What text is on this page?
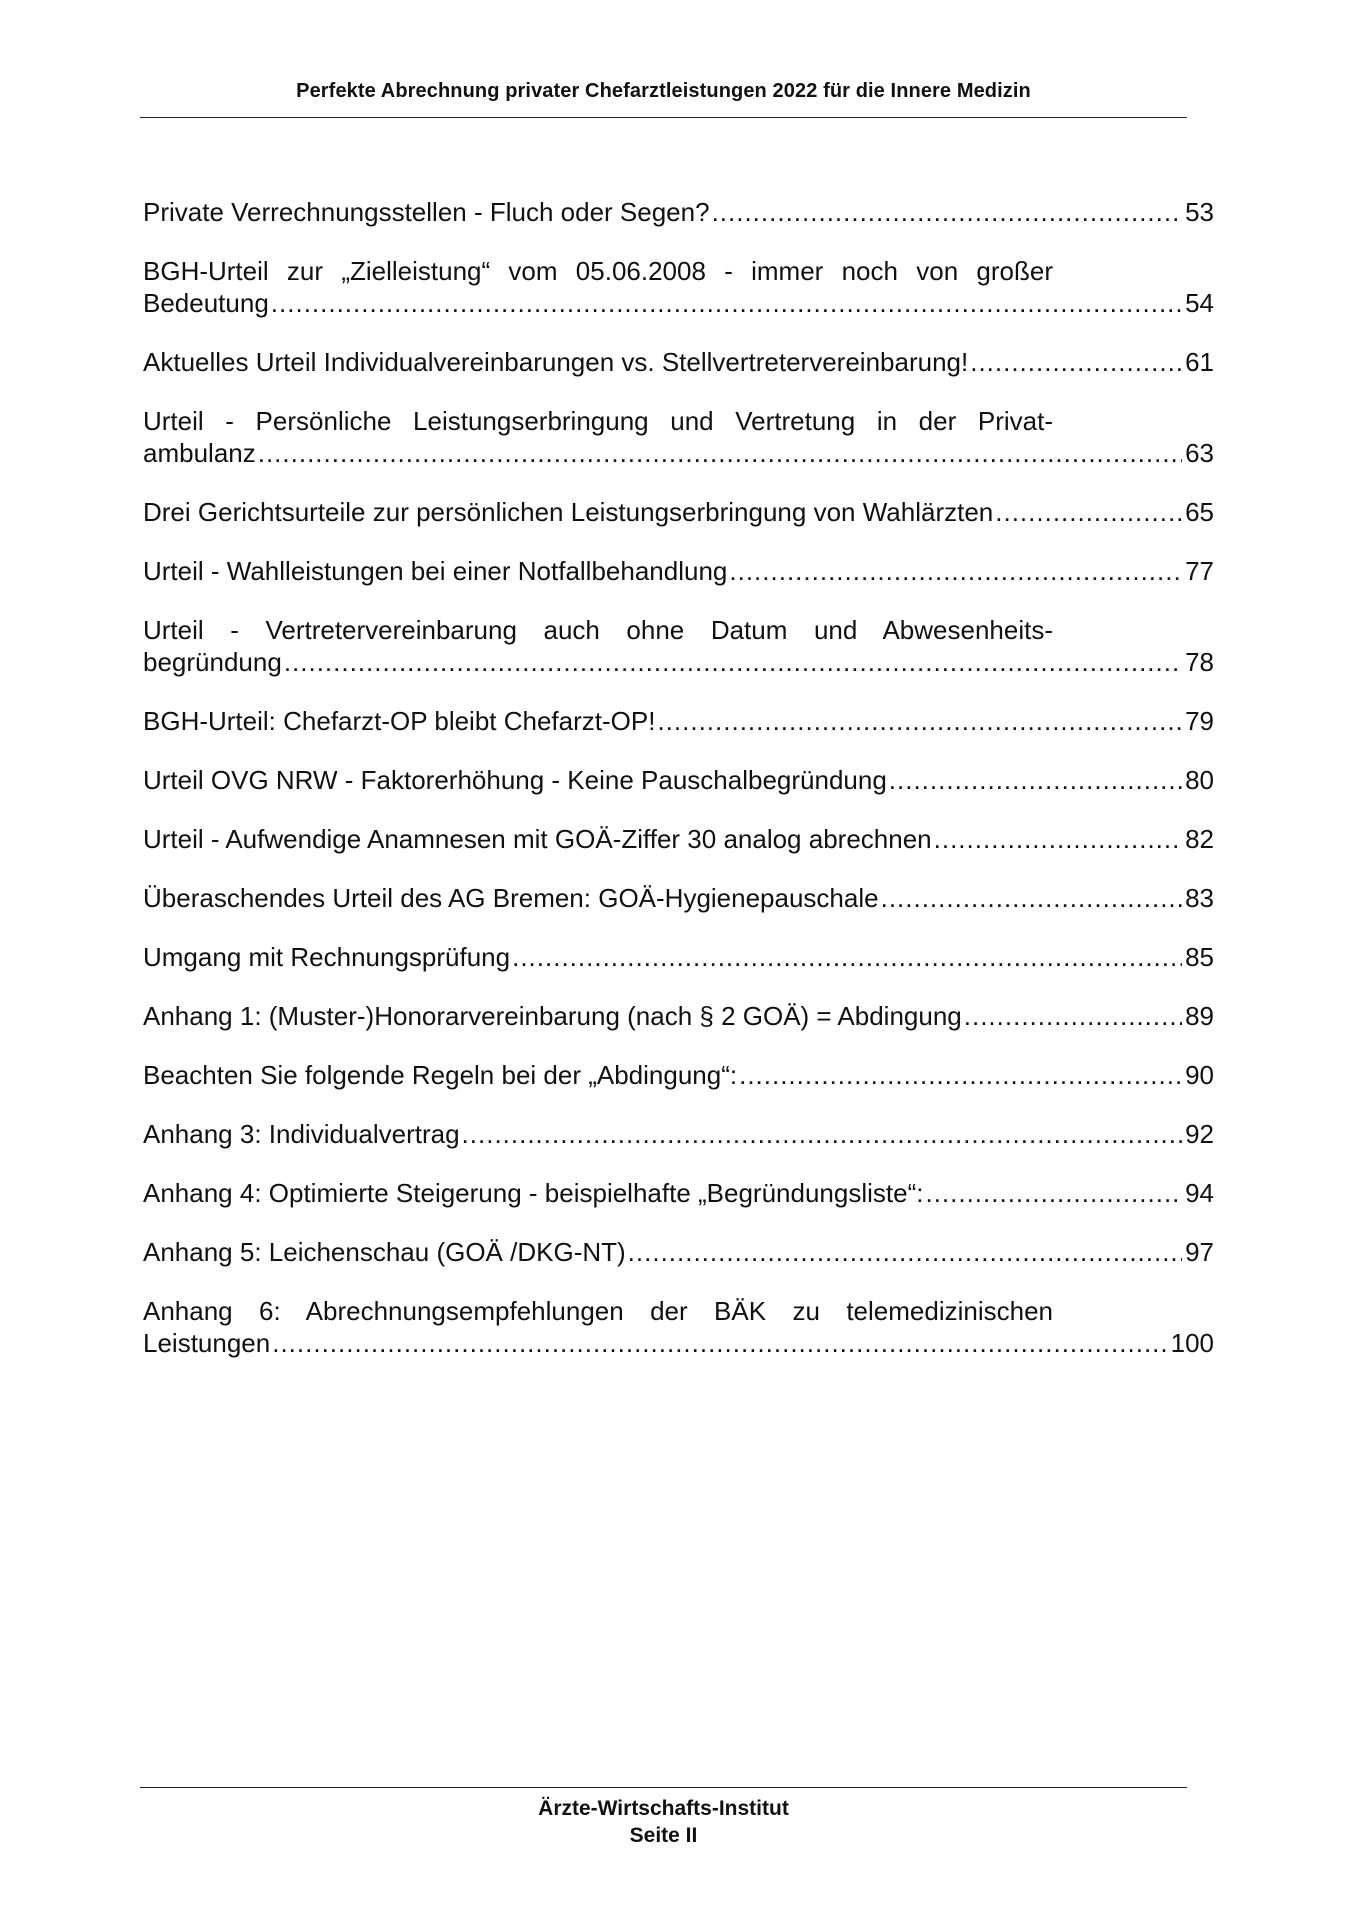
Perfekte Abrechnung privater Chefarztleistungen 2022 für die Innere Medizin
Private Verrechnungsstellen - Fluch oder Segen? .....	53
BGH-Urteil zur „Zielleistung“ vom 05.06.2008 - immer noch von großer
Bedeutung .....	54
Aktuelles Urteil Individualvereinbarungen vs. Stellvertretervereinbarung! .....	61
Urteil - Persönliche Leistungserbringung und Vertretung in der Privat-
ambulanz .....	63
Drei Gerichtsurteile zur persönlichen Leistungserbringung von Wahlärzten .....	65
Urteil - Wahlleistungen bei einer Notfallbehandlung .....	77
Urteil - Vertretervereinbarung auch ohne Datum und Abwesenheits-
begründung .....	78
BGH-Urteil: Chefarzt-OP bleibt Chefarzt-OP! .....	79
Urteil OVG NRW - Faktorerhöhung - Keine Pauschalbegründung .....	80
Urteil - Aufwendige Anamnesen mit GOÄ-Ziffer 30 analog abrechnen .....	82
Überaschendes Urteil des AG Bremen: GOÄ-Hygienepauschale .....	83
Umgang mit Rechnungsprüfung .....	85
Anhang 1: (Muster-)Honorarvereinbarung (nach § 2 GOÄ) = Abdingung .....	89
Beachten Sie folgende Regeln bei der „Abdingung“: .....	90
Anhang 3: Individualvertrag .....	92
Anhang 4: Optimierte Steigerung - beispielhafte „Begründungsliste“: .....	94
Anhang 5: Leichenschau (GOÄ /DKG-NT) .....	97
Anhang 6: Abrechnungsempfehlungen der BÄK zu telemedizinischen
Leistungen .....	100
Ärzte-Wirtschafts-Institut
Seite II
